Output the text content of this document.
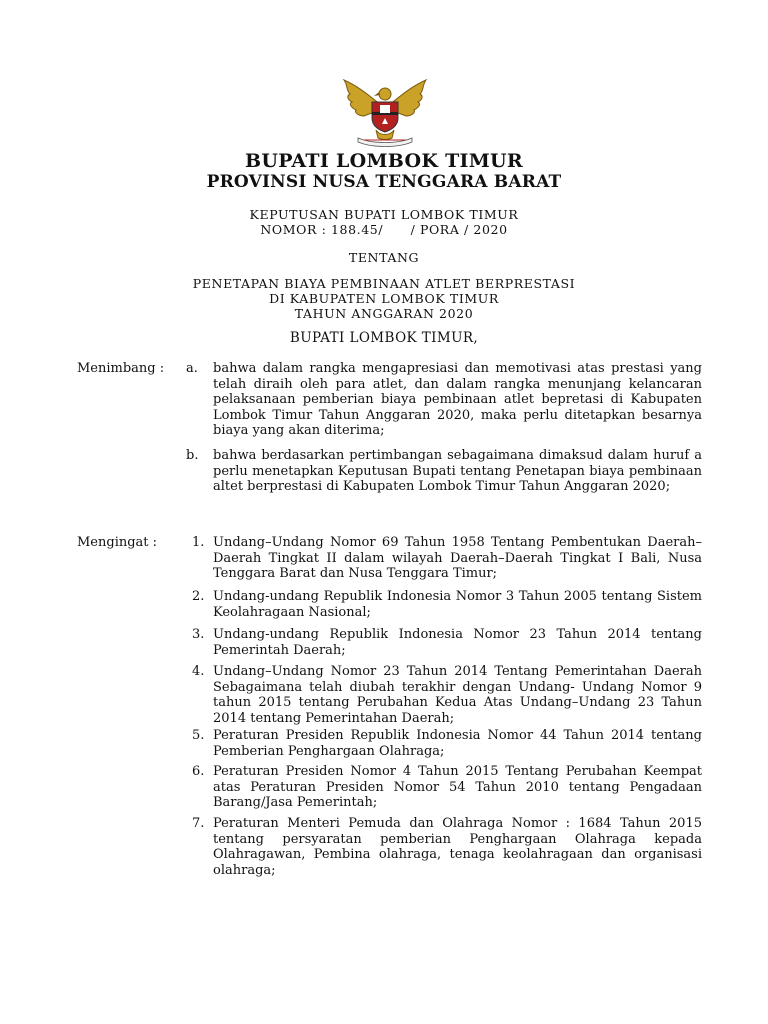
BUPATI LOMBOK TIMUR
PROVINSI NUSA TENGGARA BARAT
KEPUTUSAN BUPATI LOMBOK TIMUR
NOMOR : 188.45/      / PORA / 2020
TENTANG
PENETAPAN BIAYA PEMBINAAN ATLET BERPRESTASI
DI KABUPATEN LOMBOK TIMUR
TAHUN ANGGARAN 2020
BUPATI LOMBOK TIMUR,
Menimbang : a. bahwa dalam rangka mengapresiasi dan memotivasi atas prestasi yang telah diraih oleh para atlet, dan dalam rangka menunjang kelancaran pelaksanaan pemberian biaya pembinaan atlet bepretasi di Kabupaten Lombok Timur Tahun Anggaran 2020, maka perlu ditetapkan besarnya biaya yang akan diterima;
b. bahwa berdasarkan pertimbangan sebagaimana dimaksud dalam huruf a perlu menetapkan Keputusan Bupati tentang Penetapan biaya pembinaan altet berprestasi di Kabupaten Lombok Timur Tahun Anggaran 2020;
Mengingat :	1. Undang–Undang Nomor 69 Tahun 1958 Tentang Pembentukan Daerah–Daerah Tingkat II dalam wilayah Daerah–Daerah Tingkat I Bali, Nusa Tenggara Barat dan Nusa Tenggara Timur;
2. Undang-undang Republik Indonesia Nomor 3 Tahun 2005 tentang Sistem Keolahragaan Nasional;
3. Undang-undang Republik Indonesia Nomor 23 Tahun 2014 tentang Pemerintah Daerah;
4. Undang–Undang Nomor 23 Tahun 2014 Tentang Pemerintahan Daerah Sebagaimana telah diubah terakhir dengan Undang- Undang Nomor 9 tahun 2015 tentang Perubahan Kedua Atas Undang–Undang 23 Tahun 2014 tentang Pemerintahan Daerah;
5. Peraturan Presiden Republik Indonesia Nomor 44 Tahun 2014 tentang Pemberian Penghargaan Olahraga;
6. Peraturan Presiden Nomor 4 Tahun 2015 Tentang Perubahan Keempat atas Peraturan Presiden Nomor 54 Tahun 2010 tentang Pengadaan Barang/Jasa Pemerintah;
7. Peraturan Menteri Pemuda dan Olahraga Nomor : 1684 Tahun 2015 tentang persyaratan pemberian Penghargaan Olahraga kepada Olahragawan, Pembina olahraga, tenaga keolahragaan dan organisasi olahraga;
